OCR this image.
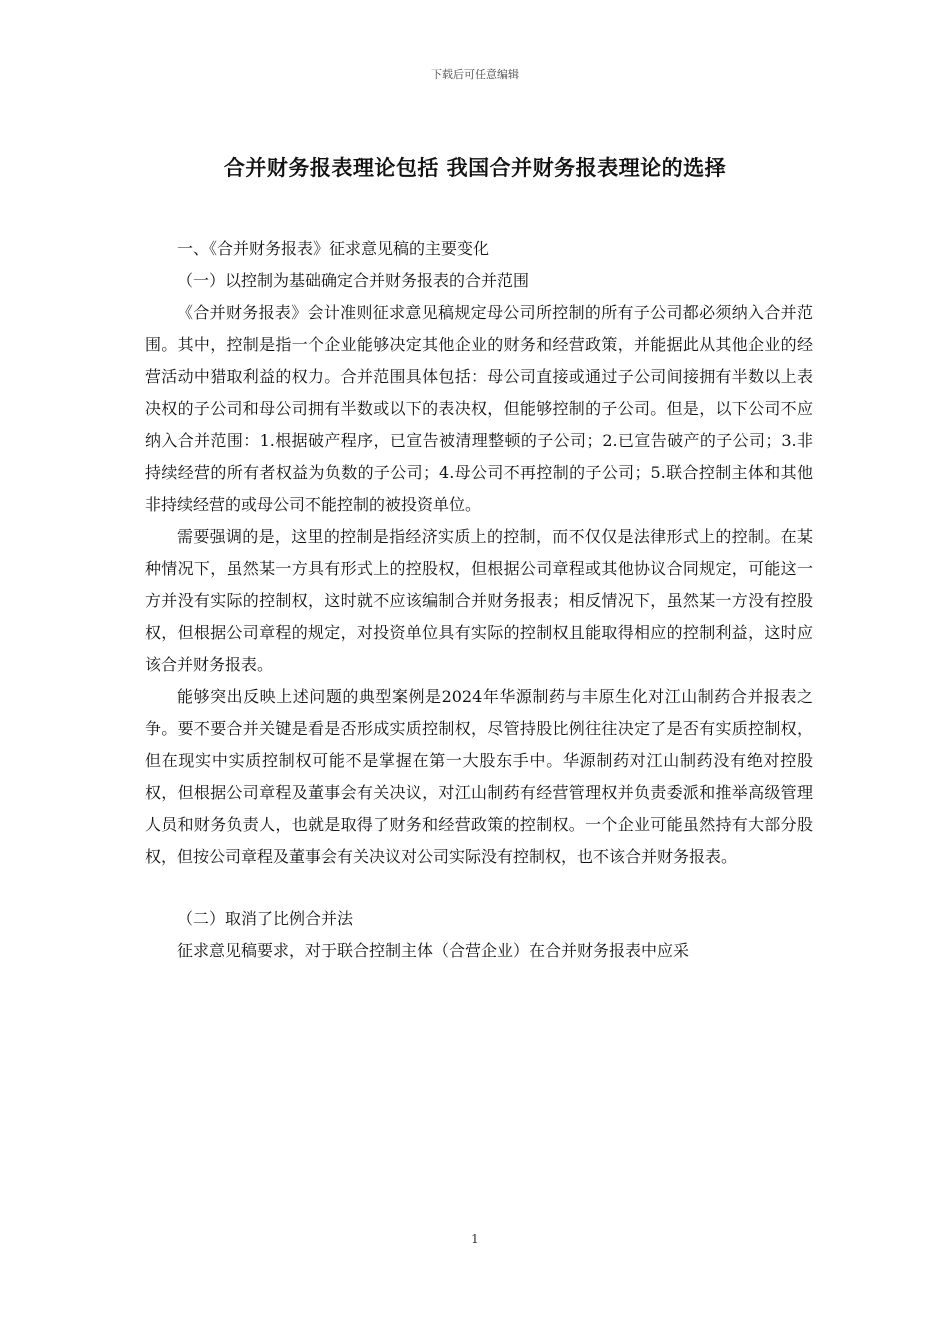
下载后可任意编辑
合并财务报表理论包括 我国合并财务报表理论的选择

一、《合并财务报表》征求意见稿的主要变化

（一）以控制为基础确定合并财务报表的合并范围

《合并财务报表》会计准则征求意见稿规定母公司所控制的所有子公司都必须纳入合并范围。其中，控制是指一个企业能够决定其他企业的财务和经营政策，并能据此从其他企业的经营活动中猎取利益的权力。合并范围具体包括：母公司直接或通过子公司间接拥有半数以上表决权的子公司和母公司拥有半数或以下的表决权，但能够控制的子公司。但是，以下公司不应纳入合并范围：1.根据破产程序，已宣告被清理整顿的子公司；2.已宣告破产的子公司；3.非持续经营的所有者权益为负数的子公司；4.母公司不再控制的子公司；5.联合控制主体和其他非持续经营的或母公司不能控制的被投资单位。

需要强调的是，这里的控制是指经济实质上的控制，而不仅仅是法律形式上的控制。在某种情况下，虽然某一方具有形式上的控股权，但根据公司章程或其他协议合同规定，可能这一方并没有实际的控制权，这时就不应该编制合并财务报表；相反情况下，虽然某一方没有控股权，但根据公司章程的规定，对投资单位具有实际的控制权且能取得相应的控制利益，这时应该合并财务报表。

能够突出反映上述问题的典型案例是2024年华源制药与丰原生化对江山制药合并报表之争。要不要合并关键是看是否形成实质控制权，尽管持股比例往往决定了是否有实质控制权，但在现实中实质控制权可能不是掌握在第一大股东手中。华源制药对江山制药没有绝对控股权，但根据公司章程及董事会有关决议，对江山制药有经营管理权并负责委派和推举高级管理人员和财务负责人，也就是取得了财务和经营政策的控制权。一个企业可能虽然持有大部分股权，但按公司章程及董事会有关决议对公司实际没有控制权，也不该合并财务报表。

（二）取消了比例合并法

征求意见稿要求，对于联合控制主体（合营企业）在合并财务报表中应采

1
